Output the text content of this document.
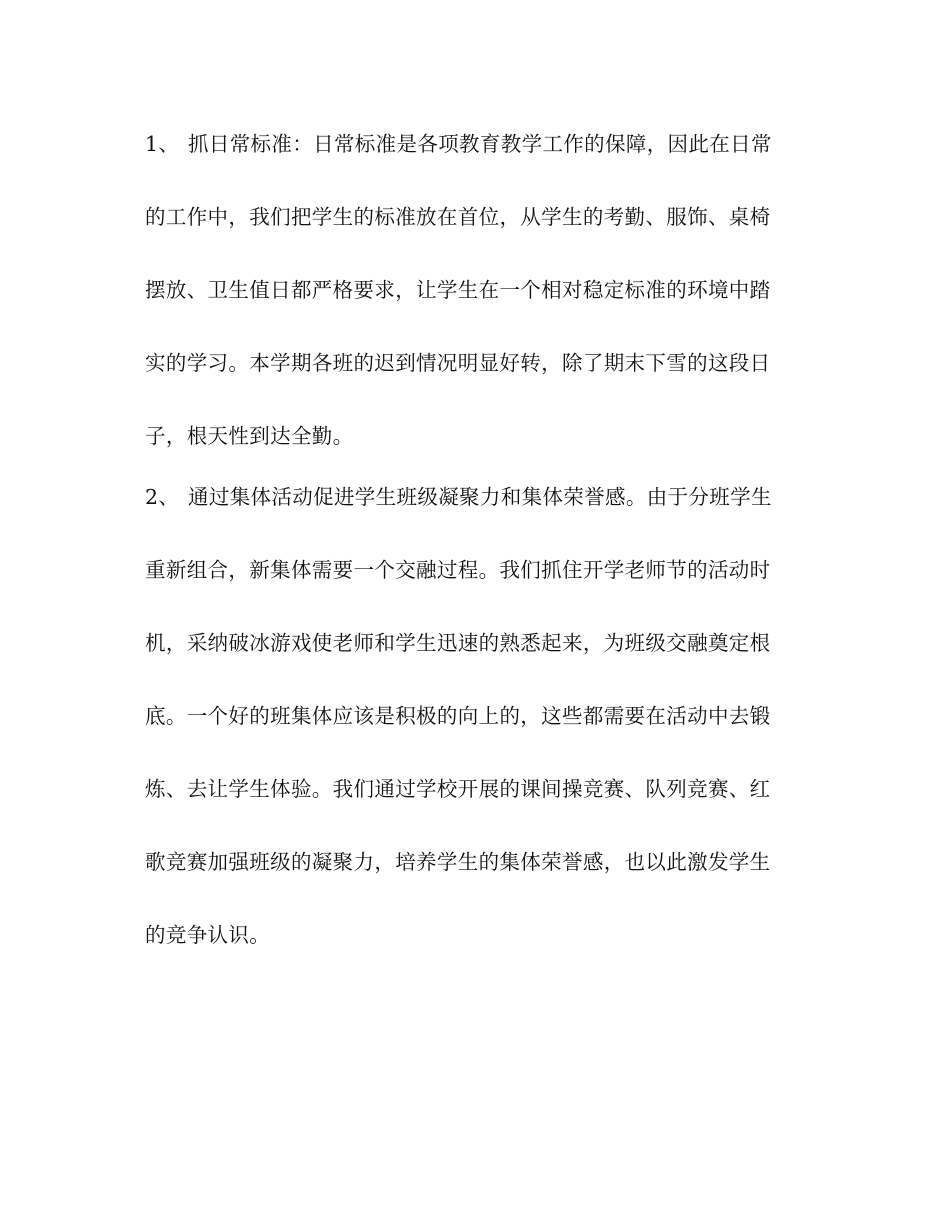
1、 抓日常标准：日常标准是各项教育教学工作的保障，因此在日常
的工作中，我们把学生的标准放在首位，从学生的考勤、服饰、桌椅
摆放、卫生值日都严格要求，让学生在一个相对稳定标准的环境中踏
实的学习。本学期各班的迟到情况明显好转，除了期末下雪的这段日
子，根天性到达全勤。
2、 通过集体活动促进学生班级凝聚力和集体荣誉感。由于分班学生
重新组合，新集体需要一个交融过程。我们抓住开学老师节的活动时
机，采纳破冰游戏使老师和学生迅速的熟悉起来，为班级交融奠定根
底。一个好的班集体应该是积极的向上的，这些都需要在活动中去锻
炼、去让学生体验。我们通过学校开展的课间操竞赛、队列竞赛、红
歌竞赛加强班级的凝聚力，培养学生的集体荣誉感，也以此激发学生
的竞争认识。
